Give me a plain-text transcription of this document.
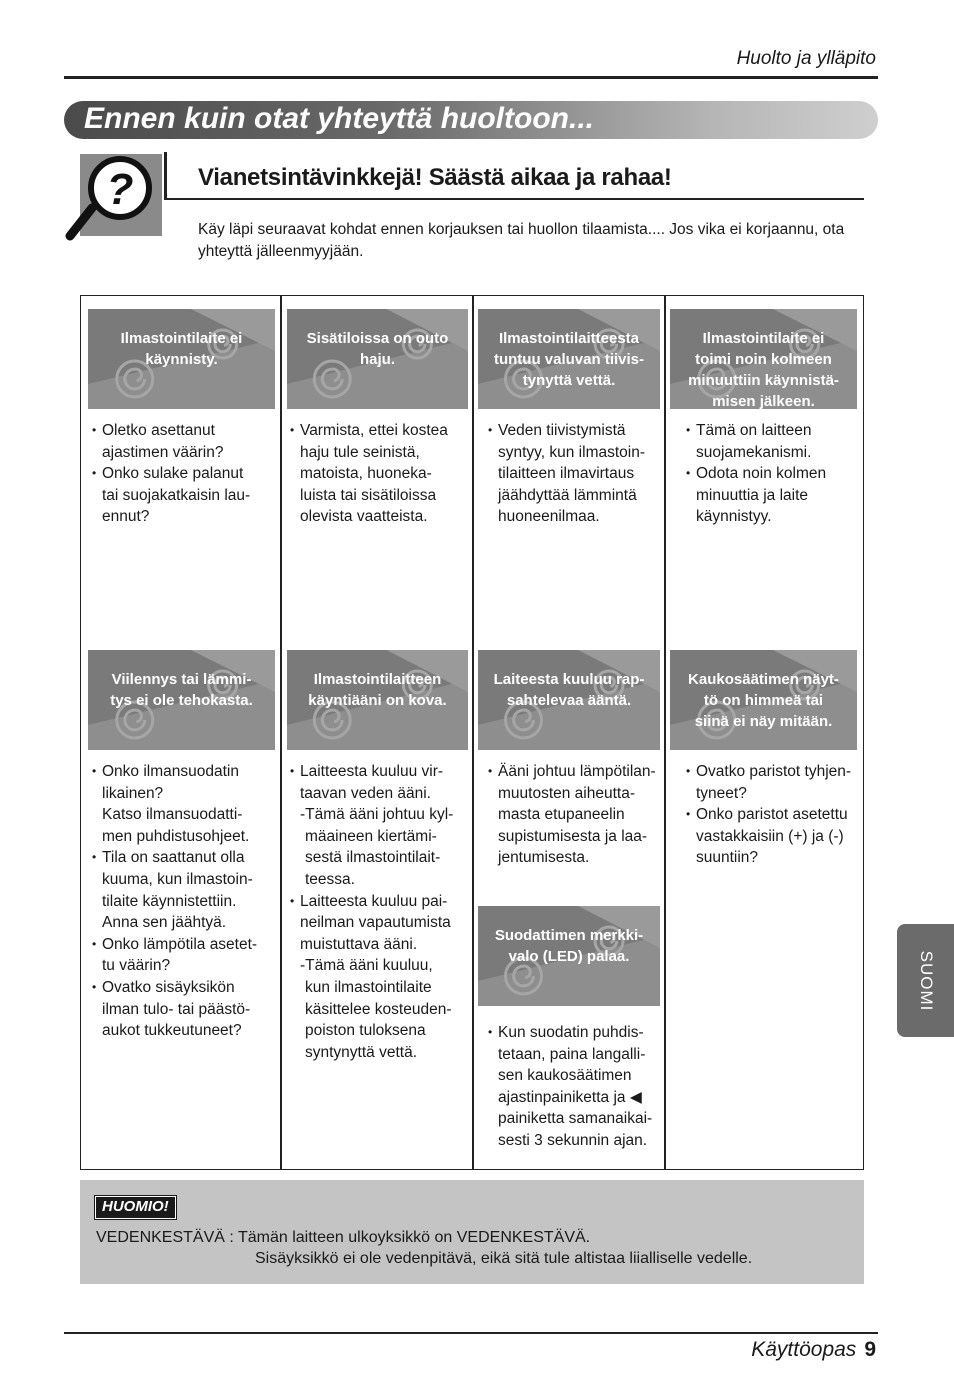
Huolto ja ylläpito
Ennen kuin otat yhteyttä huoltoon...
?	Vianetsintävinkkejä! Säästä aikaa ja rahaa!
Käy läpi seuraavat kohdat ennen korjauksen tai huollon tilaamista.... Jos vika ei korjaannu, ota yhteyttä jälleenmyyjään.
Ilmastointilaite ei
käynnisty.
• Oletko asettanut
ajastimen väärin?
• Onko sulake palanut
tai suojakatkaisin lau-
ennut?
Sisätiloissa on outo
haju.
• Varmista, ettei kostea
haju tule seinistä,
matoista, huoneka-
luista tai sisätiloissa
olevista vaatteista.
Ilmastointilaitteesta
tuntuu valuvan tiivis-
tynyttä vettä.
• Veden tiivistymistä
syntyy, kun ilmastoin-
tilaitteen ilmavirtaus
jäähdyttää lämmintä
huoneenilmaa.
Ilmastointilaite ei
toimi noin kolmeen
minuuttiin käynnistä-
misen jälkeen.
• Tämä on laitteen
suojamekanismi.
• Odota noin kolmen
minuuttia ja laite
käynnistyy.
Viilennys tai lämmi-
tys ei ole tehokasta.
• Onko ilmansuodatin
likainen?
Katso ilmansuodatti-
men puhdistusohjeet.
• Tila on saattanut olla
kuuma, kun ilmastoin-
tilaite käynnistettiin.
Anna sen jäähtyä.
• Onko lämpötila asetet-
tu väärin?
• Ovatko sisäyksikön
ilman tulo- tai päästö-
aukot tukkeutuneet?
Ilmastointilaitteen
käyntiääni on kova.
• Laitteesta kuuluu vir-
taavan veden ääni.
-Tämä ääni johtuu kyl-
mäaineen kiertämi-
sestä ilmastointilait-
teessa.
• Laitteesta kuuluu pai-
neilman vapautumista
muistuttava ääni.
-Tämä ääni kuuluu,
kun ilmastointilaite
käsittelee kosteuden-
poiston tuloksena
syntynyttä vettä.
Laiteesta kuuluu rap-
sahtelevaa ääntä.
• Ääni johtuu lämpötilan-
muutosten aiheutta-
masta etupaneelin
supistumisesta ja laa-
jentumisesta.
Suodattimen merkki-
valo (LED) palaa.
• Kun suodatin puhdis-
tetaan, paina langalli-
sen kaukosäätimen
ajastinpainiketta ja ◀
painiketta samanaikai-
sesti 3 sekunnin ajan.
Kaukosäätimen näyt-
tö on himmeä tai
siinä ei näy mitään.
• Ovatko paristot tyhjen-
tyneet?
• Onko paristot asetettu
vastakkaisiin (+) ja (-)
suuntiin?
HUOMIO!
VEDENKESTÄVÄ : Tämän laitteen ulkoyksikkö on VEDENKESTÄVÄ.
Sisäyksikkö ei ole vedenpitävä, eikä sitä tule altistaa liialliselle vedelle.
SUOMI
Käyttöopas 9
